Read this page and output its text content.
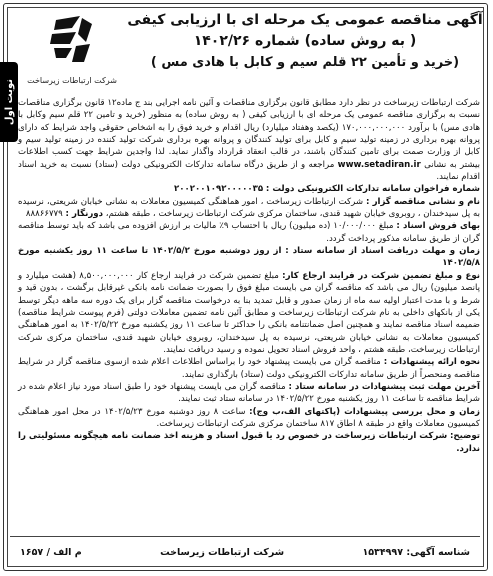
نوبت اول شرکت ارتباطات زیرساخت
آگهی مناقصه عمومی یک مرحله ای با ارزیابی کیفی
( به روش ساده) شماره ۱۴۰۲/۲۶
(خرید و تأمین ۲۲ قلم سیم و کابل با هادی مس )

شرکت ارتباطات زیرساخت در نظر دارد مطابق قانون برگزاری مناقصات و آئین نامه اجرایی بند ج ماده۱۲ قانون برگزاری مناقصات نسبت به برگزاری مناقصه عمومی یک مرحله ای با ارزیابی کیفی ( به روش ساده) به منظور (خرید و تامین ۲۲ قلم سیم وکابل با هادی مس) با برآورد ۱۷۰,۰۰۰,۰۰۰,۰۰۰ (یکصد وهفتاد میلیارد) ریال اقدام و خرید فوق را به اشخاص حقوقی واجد شرایط که دارای پروانه بهره برداری در زمینه تولید سیم و کابل برای تولید کنندگان و پروانه بهره برداری شرکت تولید کننده در زمینه تولید سیم و کابل از وزارت صمت برای تامین کنندگان باشند، در قالب انعقاد قرارداد واگذار نماید. لذا واجدین شرایط جهت کسب اطلاعات بیشتر به نشانی www.setadiran.ir مراجعه و از طریق درگاه سامانه تدارکات الکترونیکی دولت (ستاد) نسبت به خرید اسناد اقدام نمایند.

شماره فراخوان سامانه تدارکات الکترونیکی دولت : ۲۰۰۲۰۰۱۰۹۲۰۰۰۰۰۳۵

نام و نشانی مناقصه گزار : شرکت ارتباطات زیرساخت ، امور هماهنگی کمیسیون معاملات به نشانی خیابان شریعتی، نرسیده به پل سیدخندان ، روبروی خیابان شهید قندی، ساختمان مرکزی شرکت ارتباطات زیرساخت ، طبقه هشتم، دورنگار : ۸۸۸۶۶۷۷۹

بهای فروش اسناد : مبلغ ۱۰/۰۰۰/۰۰۰ (ده میلیون) ریال با احتساب ۹٪ مالیات بر ارزش افزوده می باشد که باید توسط مناقصه گران از طریق سامانه مذکور پرداخت گردد.

زمان و مهلت دریافت اسناد از سامانه ستاد : از روز دوشنبه مورخ ۱۴۰۲/۵/۲ تا ساعت ۱۱ روز یکشنبه مورخ ۱۴۰۲/۵/۸

نوع و مبلغ تضمین شرکت در فرایند ارجاع کار: مبلغ تضمین شرکت در فرایند ارجاع کار ۸,۵۰۰,۰۰۰,۰۰۰ (هشت میلیارد و پانصد میلیون) ریال می باشد که مناقصه گران می بایست مبلغ فوق را بصورت ضمانت نامه بانکی غیرقابل برگشت ، بدون قید و شرط و با مدت اعتبار اولیه سه ماه از زمان صدور و قابل تمدید بنا به درخواست مناقصه گزار برای یک دوره سه ماهه دیگر توسط یکی از بانکهای داخلی به نام شرکت ارتباطات زیرساخت و مطابق آئین نامه تضمین معاملات دولتی (فرم پیوست شرایط مناقصه) ضمیمه اسناد مناقصه نمایند و همچنین اصل ضمانتنامه بانکی را حداکثر تا ساعت ۱۱ روز یکشنبه مورخ ۱۴۰۲/۵/۲۲ به امور هماهنگی کمیسیون معاملات به نشانی خیابان شریعتی، نرسیده به پل سیدخندان، روبروی خیابان شهید قندی، ساختمان مرکزی شرکت ارتباطات زیرساخت، طبقه هشتم ، واحد فروش اسناد تحویل نموده و رسید دریافت نمایند.

نحوه ارائه پیشنهادات : مناقصه گران می بایست پیشنهاد خود را براساس اطلاعات اعلام شده ازسوی مناقصه گزار در شرایط مناقصه ومنحصراً از طریق سامانه تدارکات الکترونیکی دولت (ستاد) بارگذاری نمایند.

آخرین مهلت ثبت پیشنهادات در سامانه ستاد : مناقصه گران می بایست پیشنهاد خود را طبق اسناد مورد نیاز اعلام شده در شرایط مناقصه تا ساعت ۱۱ روز یکشنبه مورخ ۱۴۰۲/۵/۲۲ در سامانه ستاد ثبت نمایند.

زمان و محل بررسی پیشنهادات (پاکتهای الف،ب وج): ساعت ۸ روز دوشنبه مورخ ۱۴۰۲/۵/۲۳ در محل امور هماهنگی کمیسیون معاملات واقع در طبقه ۸ اطاق ۸۱۷ ساختمان مرکزی شرکت ارتباطات زیرساخت.

توضیح: شرکت ارتباطات زیرساخت در خصوص رد یا قبول اسناد و هزینه اخذ ضمانت نامه هیچگونه مسئولیتی را ندارد.

شناسه آگهی: ۱۵۳۴۹۹۷
شرکت ارتباطات زیرساخت
م الف / ۱۶۵۷
